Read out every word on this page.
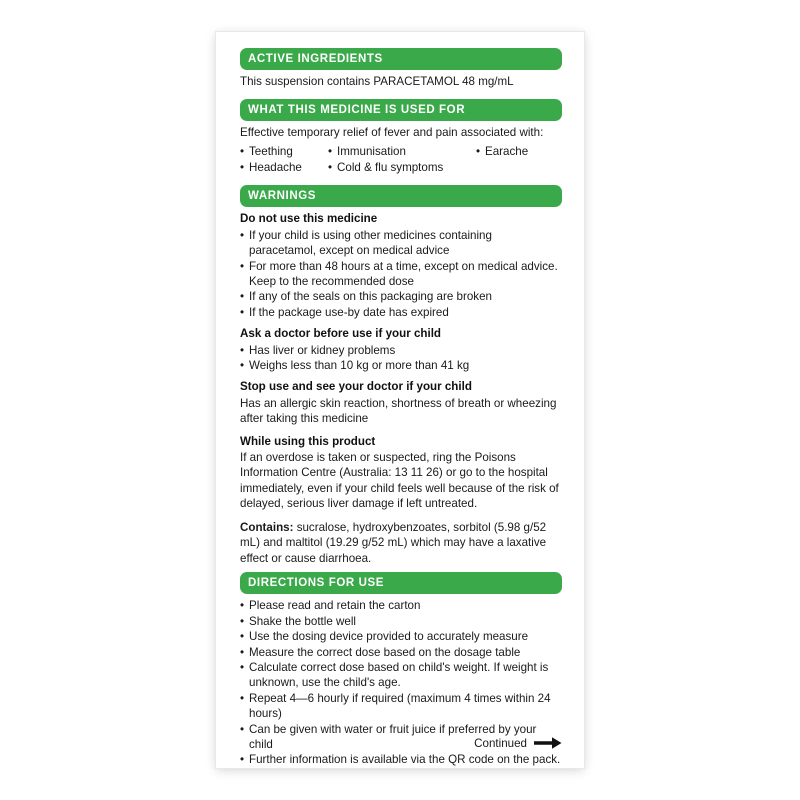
ACTIVE INGREDIENTS

This suspension contains PARACETAMOL 48 mg/mL

WHAT THIS MEDICINE IS USED FOR

Effective temporary relief of fever and pain associated with:

• Teething	• Immunisation	• Earache
• Headache	• Cold & flu symptoms
WARNINGS
Do not use this medicine
• If your child is using other medicines containing paracetamol, except on medical advice
• For more than 48 hours at a time, except on medical advice. Keep to the recommended dose
• If any of the seals on this packaging are broken
• If the package use-by date has expired
Ask a doctor before use if your child
• Has liver or kidney problems
• Weighs less than 10 kg or more than 41 kg
Stop use and see your doctor if your child

Has an allergic skin reaction, shortness of breath or wheezing after taking this medicine

While using this product

If an overdose is taken or suspected, ring the Poisons Information Centre (Australia: 13 11 26) or go to the hospital immediately, even if your child feels well because of the risk of delayed, serious liver damage if left untreated.

Contains: sucralose, hydroxybenzoates, sorbitol (5.98 g/52 mL) and maltitol (19.29 g/52 mL) which may have a laxative effect or cause diarrhoea.

DIRECTIONS FOR USE
• Please read and retain the carton
• Shake the bottle well
• Use the dosing device provided to accurately measure
• Measure the correct dose based on the dosage table
• Calculate correct dose based on child's weight. If weight is unknown, use the child's age.
• Repeat 4—6 hourly if required (maximum 4 times within 24 hours)
• Can be given with water or fruit juice if preferred by your child
• Further information is available via the QR code on the pack.
Continued
